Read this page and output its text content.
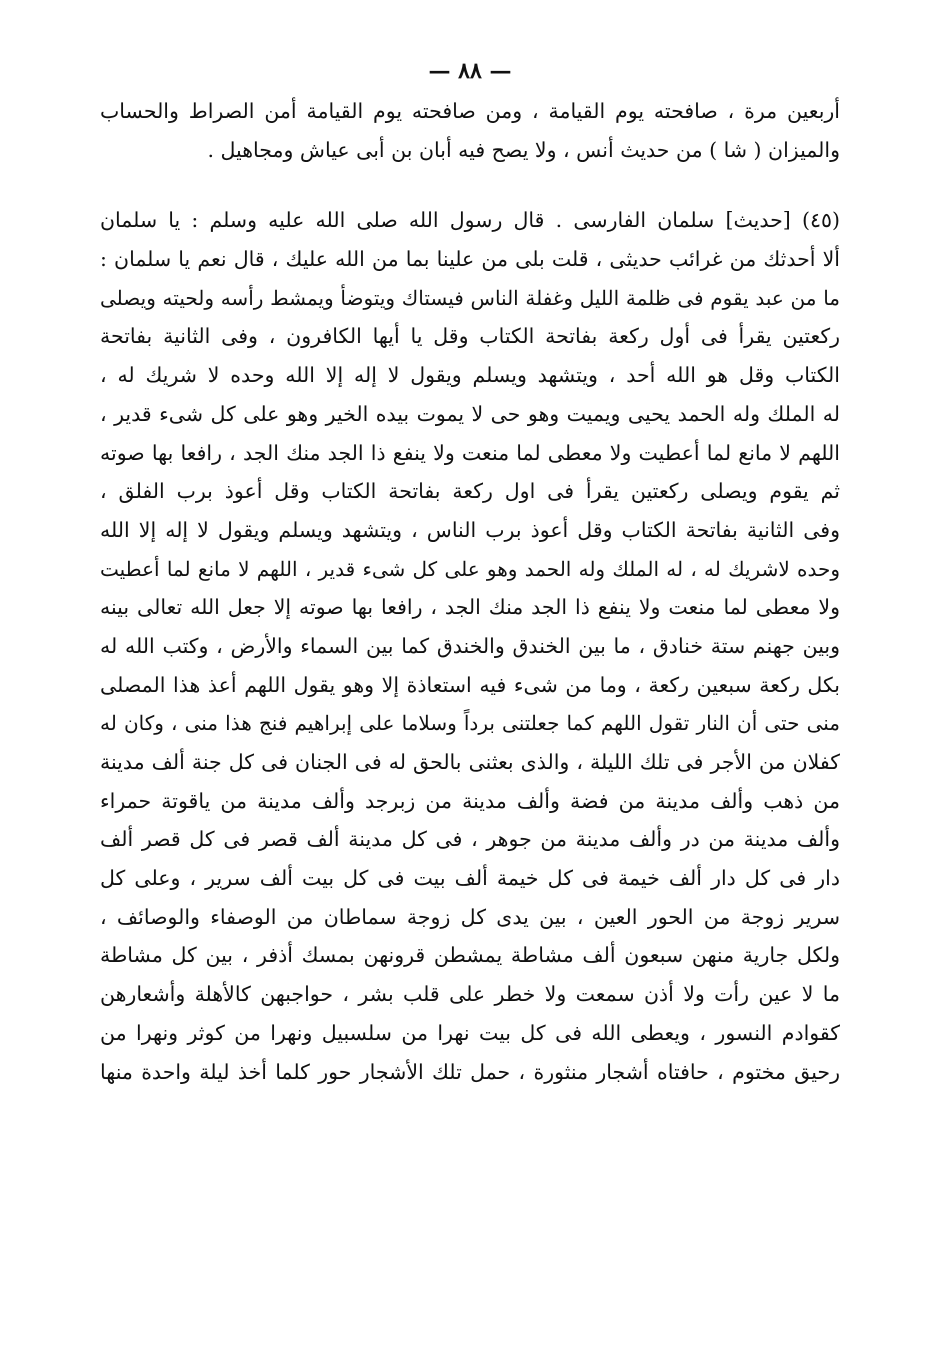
— ٨٨ —
أربعين مرة ، صافحته يوم القيامة ، ومن صافحته يوم القيامة أمن الصراط والحساب
والميزان ( شا ) من حديث أنس ، ولا يصح فيه أبان بن أبى عياش ومجاهيل .
(٤٥) [حديث] سلمان الفارسى . قال رسول الله صلى الله عليه وسلم : يا سلمان
ألا أحدثك من غرائب حديثى ، قلت بلى من علينا بما من الله عليك ، قال نعم يا سلمان :
ما من عبد يقوم فى ظلمة الليل وغفلة الناس فيستاك ويتوضأ ويمشط رأسه ولحيته ويصلى
ركعتين يقرأ فى أول ركعة بفاتحة الكتاب وقل يا أيها الكافرون ، وفى الثانية بفاتحة
الكتاب وقل هو الله أحد ، ويتشهد ويسلم ويقول لا إله إلا الله وحده لا شريك له ،
له الملك وله الحمد يحيى ويميت وهو حى لا يموت بيده الخير وهو على كل شىء قدير ،
اللهم لا مانع لما أعطيت ولا معطى لما منعت ولا ينفع ذا الجد منك الجد ، رافعا بها صوته
ثم يقوم ويصلى ركعتين يقرأ فى اول ركعة بفاتحة الكتاب وقل أعوذ برب الفلق ،
وفى الثانية بفاتحة الكتاب وقل أعوذ برب الناس ، ويتشهد ويسلم ويقول لا إله إلا الله
وحده لاشريك له ، له الملك وله الحمد وهو على كل شىء قدير ، اللهم لا مانع لما أعطيت
ولا معطى لما منعت ولا ينفع ذا الجد منك الجد ، رافعا بها صوته إلا جعل الله تعالى بينه
وبين جهنم ستة خنادق ، ما بين الخندق والخندق كما بين السماء والأرض ، وكتب الله له
بكل ركعة سبعين ركعة ، وما من شىء فيه استعاذة إلا وهو يقول اللهم أعذ هذا المصلى
منى حتى أن النار تقول اللهم كما جعلتنى برداً وسلاما على إبراهيم فنج هذا منى ، وكان له
كفلان من الأجر فى تلك الليلة ، والذى بعثنى بالحق له فى الجنان فى كل جنة ألف مدينة
من ذهب وألف مدينة من فضة وألف مدينة من زبرجد وألف مدينة من ياقوتة حمراء
وألف مدينة من در وألف مدينة من جوهر ، فى كل مدينة ألف قصر فى كل قصر ألف
دار فى كل دار ألف خيمة فى كل خيمة ألف بيت فى كل بيت ألف سرير ، وعلى كل
سرير زوجة من الحور العين ، بين يدى كل زوجة سماطان من الوصفاء والوصائف ،
ولكل جارية منهن سبعون ألف مشاطة يمشطن قرونهن بمسك أذفر ، بين كل مشاطة
ما لا عين رأت ولا أذن سمعت ولا خطر على قلب بشر ، حواجبهن كالأهلة وأشعارهن
كقوادم النسور ، ويعطى الله فى كل بيت نهرا من سلسبيل ونهرا من كوثر ونهرا من
رحيق مختوم ، حافتاه أشجار منثورة ، حمل تلك الأشجار حور كلما أخذ ليلة واحدة منها
